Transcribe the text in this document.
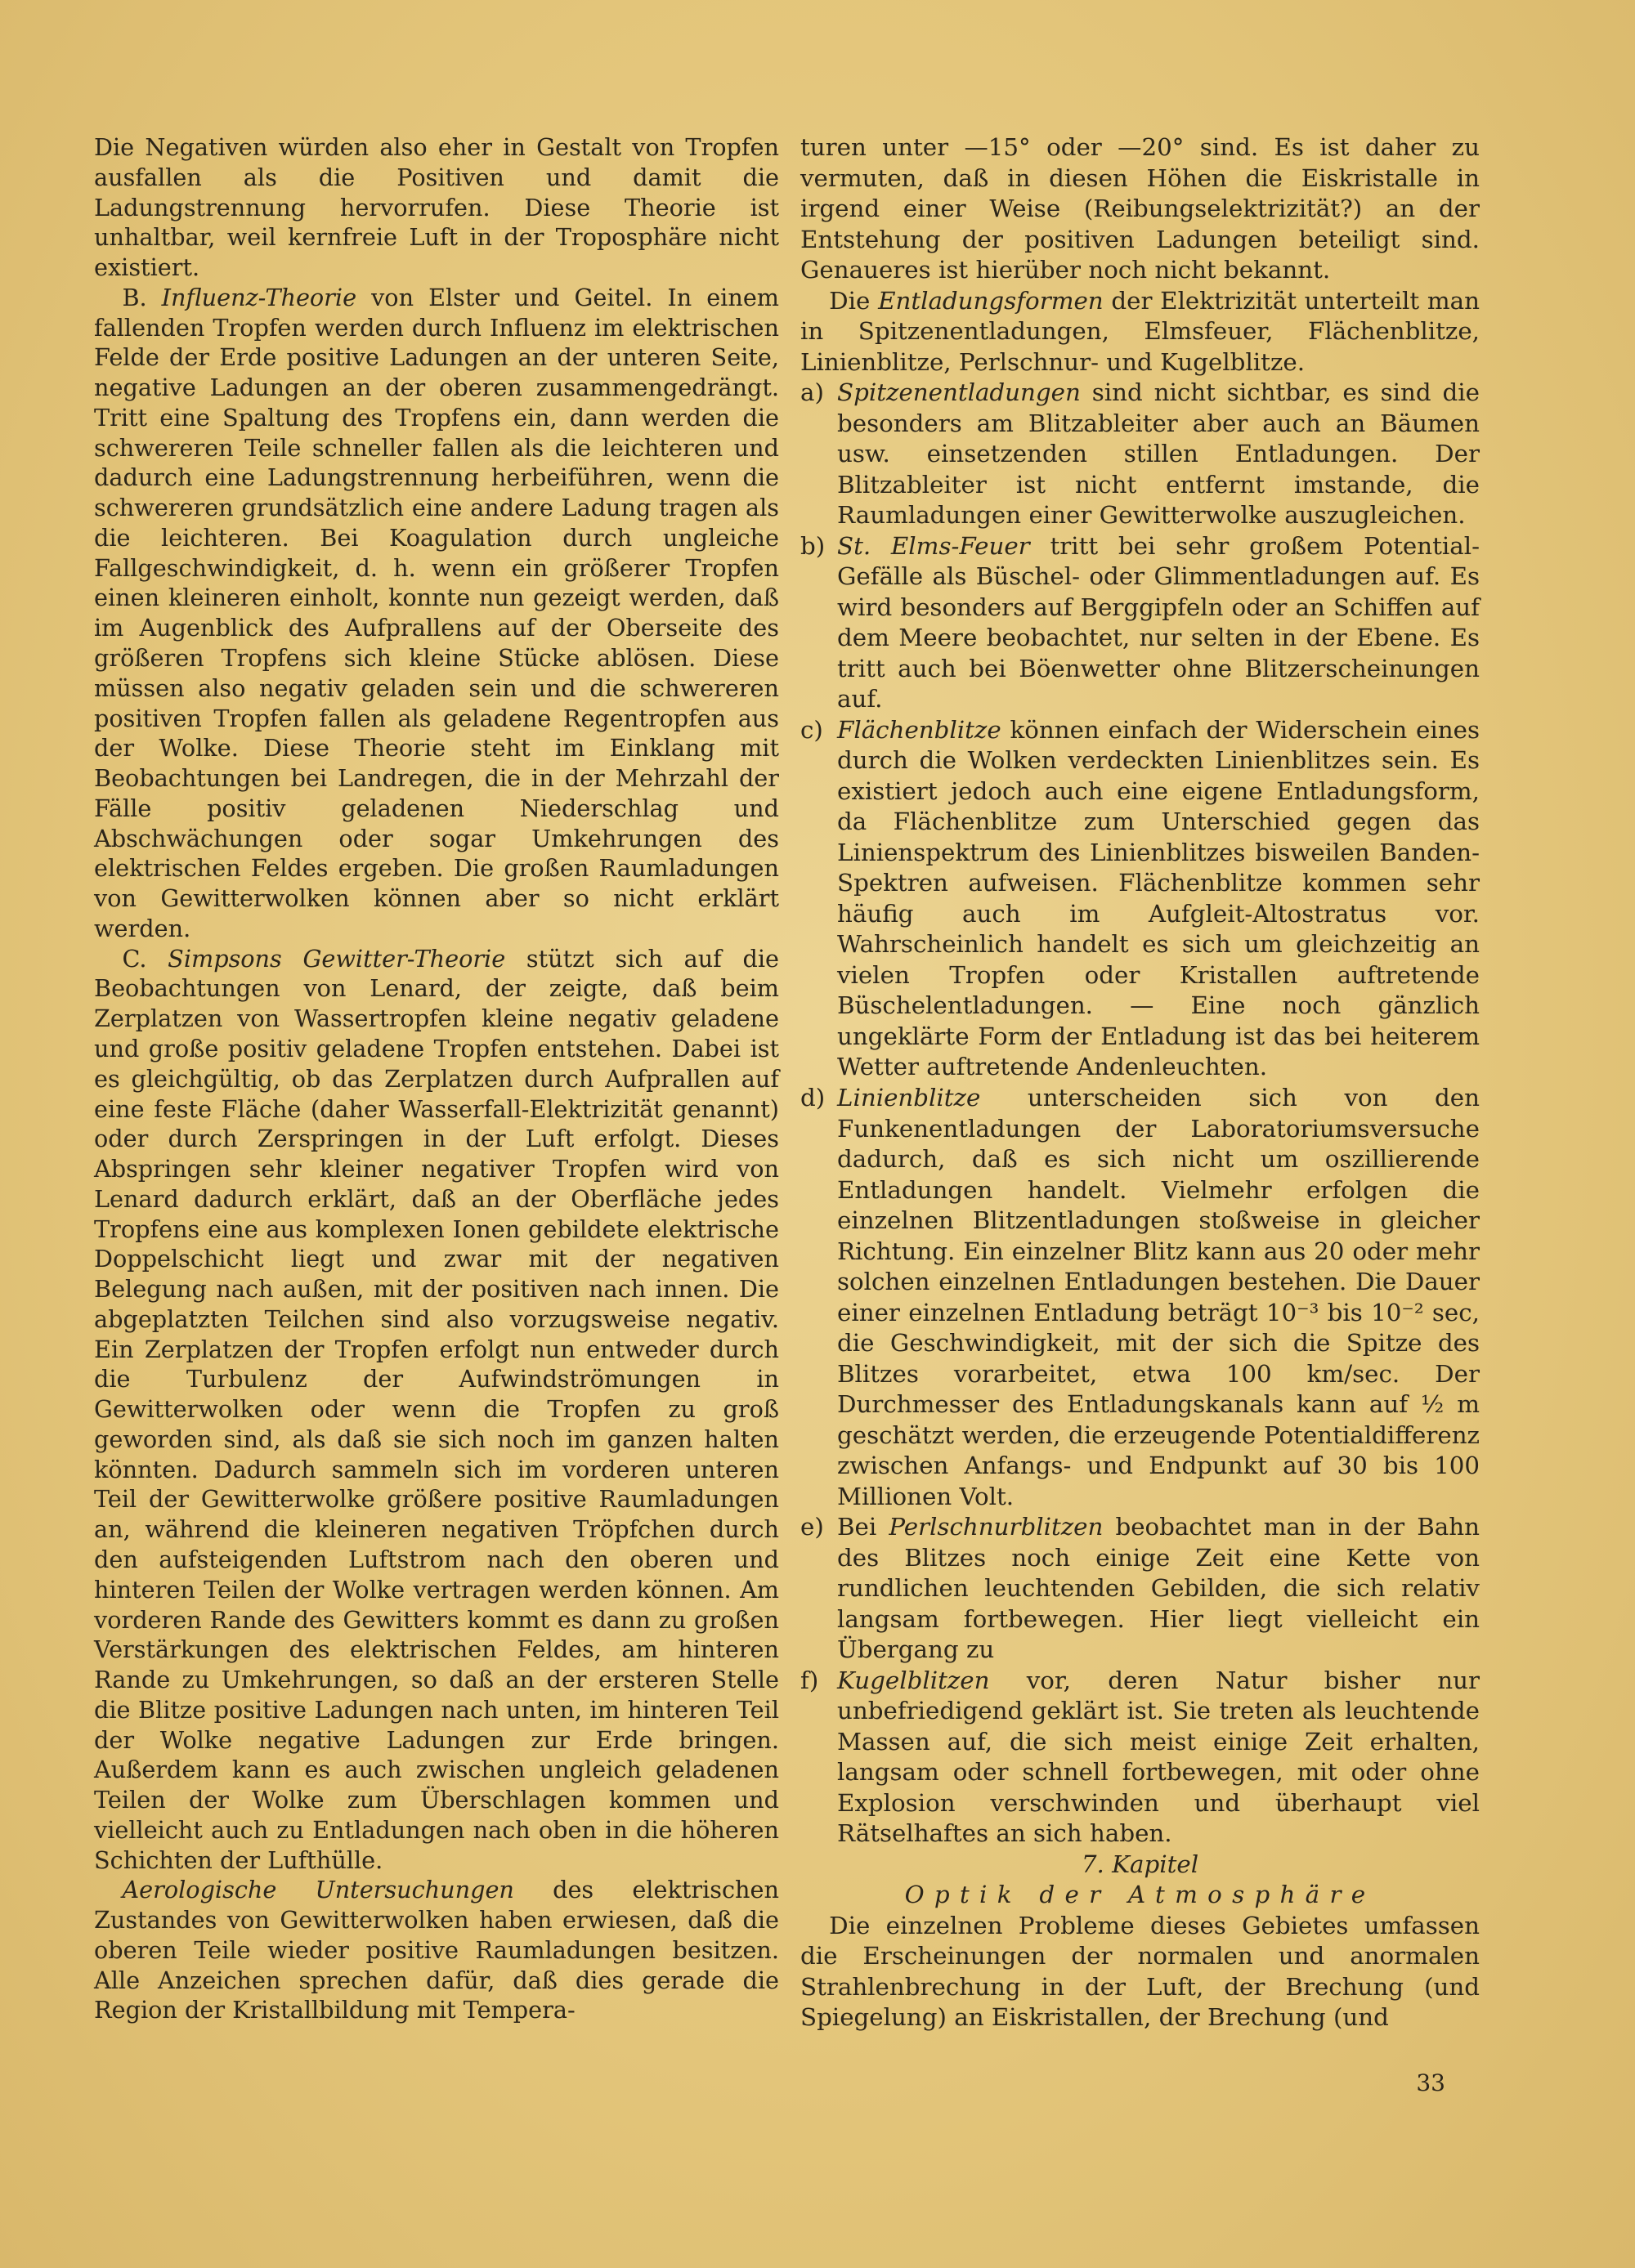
Die Negativen würden also eher in Gestalt von Tropfen ausfallen als die Positiven und damit die Ladungstrennung hervorrufen. Diese Theorie ist unhaltbar, weil kernfreie Luft in der Troposphäre nicht existiert.

B. Influenz-Theorie von Elster und Geitel. In einem fallenden Tropfen werden durch Influenz im elektrischen Felde der Erde positive Ladungen an der unteren Seite, negative Ladungen an der oberen zusammengedrängt. Tritt eine Spaltung des Tropfens ein, dann werden die schwereren Teile schneller fallen als die leichteren und dadurch eine Ladungstrennung herbeiführen, wenn die schwereren grundsätzlich eine andere Ladung tragen als die leichteren. Bei Koagulation durch ungleiche Fallgeschwindigkeit, d. h. wenn ein größerer Tropfen einen kleineren einholt, konnte nun gezeigt werden, daß im Augenblick des Aufprallens auf der Oberseite des größeren Tropfens sich kleine Stücke ablösen. Diese müssen also negativ geladen sein und die schwereren positiven Tropfen fallen als geladene Regentropfen aus der Wolke. Diese Theorie steht im Einklang mit Beobachtungen bei Landregen, die in der Mehrzahl der Fälle positiv geladenen Niederschlag und Abschwächungen oder sogar Umkehrungen des elektrischen Feldes ergeben. Die großen Raumladungen von Gewitterwolken können aber so nicht erklärt werden.

C. Simpsons Gewitter-Theorie stützt sich auf die Beobachtungen von Lenard, der zeigte, daß beim Zerplatzen von Wassertropfen kleine negativ geladene und große positiv geladene Tropfen entstehen. Dabei ist es gleichgültig, ob das Zerplatzen durch Aufprallen auf eine feste Fläche (daher Wasserfall-Elektrizität genannt) oder durch Zerspringen in der Luft erfolgt. Dieses Abspringen sehr kleiner negativer Tropfen wird von Lenard dadurch erklärt, daß an der Oberfläche jedes Tropfens eine aus komplexen Ionen gebildete elektrische Doppelschicht liegt und zwar mit der negativen Belegung nach außen, mit der positiven nach innen. Die abgeplatzten Teilchen sind also vorzugsweise negativ. Ein Zerplatzen der Tropfen erfolgt nun entweder durch die Turbulenz der Aufwindströmungen in Gewitterwolken oder wenn die Tropfen zu groß geworden sind, als daß sie sich noch im ganzen halten könnten. Dadurch sammeln sich im vorderen unteren Teil der Gewitterwolke größere positive Raumladungen an, während die kleineren negativen Tröpfchen durch den aufsteigenden Luftstrom nach den oberen und hinteren Teilen der Wolke vertragen werden können. Am vorderen Rande des Gewitters kommt es dann zu großen Verstärkungen des elektrischen Feldes, am hinteren Rande zu Umkehrungen, so daß an der ersteren Stelle die Blitze positive Ladungen nach unten, im hinteren Teil der Wolke negative Ladungen zur Erde bringen. Außerdem kann es auch zwischen ungleich geladenen Teilen der Wolke zum Überschlagen kommen und vielleicht auch zu Entladungen nach oben in die höheren Schichten der Lufthülle.

Aerologische Untersuchungen des elektrischen Zustandes von Gewitterwolken haben erwiesen, daß die oberen Teile wieder positive Raumladungen besitzen. Alle Anzeichen sprechen dafür, daß dies gerade die Region der Kristallbildung mit Tempera-

turen unter —15° oder —20° sind. Es ist daher zu vermuten, daß in diesen Höhen die Eiskristalle in irgend einer Weise (Reibungselektrizität?) an der Entstehung der positiven Ladungen beteiligt sind. Genaueres ist hierüber noch nicht bekannt.

Die Entladungsformen der Elektrizität unterteilt man in Spitzenentladungen, Elmsfeuer, Flächenblitze, Linienblitze, Perlschnur- und Kugelblitze.

a) Spitzenentladungen sind nicht sichtbar, es sind die besonders am Blitzableiter aber auch an Bäumen usw. einsetzenden stillen Entladungen. Der Blitzableiter ist nicht entfernt imstande, die Raumladungen einer Gewitterwolke auszugleichen.

b) St. Elms-Feuer tritt bei sehr großem Potential-Gefälle als Büschel- oder Glimmentladungen auf. Es wird besonders auf Berggipfeln oder an Schiffen auf dem Meere beobachtet, nur selten in der Ebene. Es tritt auch bei Böenwetter ohne Blitzerscheinungen auf.

c) Flächenblitze können einfach der Widerschein eines durch die Wolken verdeckten Linienblitzes sein. Es existiert jedoch auch eine eigene Entladungsform, da Flächenblitze zum Unterschied gegen das Linienspektrum des Linienblitzes bisweilen Banden-Spektren aufweisen. Flächenblitze kommen sehr häufig auch im Aufgleit-Altostratus vor. Wahrscheinlich handelt es sich um gleichzeitig an vielen Tropfen oder Kristallen auftretende Büschelentladungen. — Eine noch gänzlich ungeklärte Form der Entladung ist das bei heiterem Wetter auftretende Andenleuchten.

d) Linienblitze unterscheiden sich von den Funkenentladungen der Laboratoriumsversuche dadurch, daß es sich nicht um oszillierende Entladungen handelt. Vielmehr erfolgen die einzelnen Blitzentladungen stoßweise in gleicher Richtung. Ein einzelner Blitz kann aus 20 oder mehr solchen einzelnen Entladungen bestehen. Die Dauer einer einzelnen Entladung beträgt 10⁻³ bis 10⁻² sec, die Geschwindigkeit, mit der sich die Spitze des Blitzes vorarbeitet, etwa 100 km/sec. Der Durchmesser des Entladungskanals kann auf ½ m geschätzt werden, die erzeugende Potentialdifferenz zwischen Anfangs- und Endpunkt auf 30 bis 100 Millionen Volt.

e) Bei Perlschnurblitzen beobachtet man in der Bahn des Blitzes noch einige Zeit eine Kette von rundlichen leuchtenden Gebilden, die sich relativ langsam fortbewegen. Hier liegt vielleicht ein Übergang zu

f) Kugelblitzen vor, deren Natur bisher nur unbefriedigend geklärt ist. Sie treten als leuchtende Massen auf, die sich meist einige Zeit erhalten, langsam oder schnell fortbewegen, mit oder ohne Explosion verschwinden und überhaupt viel Rätselhaftes an sich haben.

7. Kapitel

Optik der Atmosphäre

Die einzelnen Probleme dieses Gebietes umfassen die Erscheinungen der normalen und anormalen Strahlenbrechung in der Luft, der Brechung (und Spiegelung) an Eiskristallen, der Brechung (und

33
